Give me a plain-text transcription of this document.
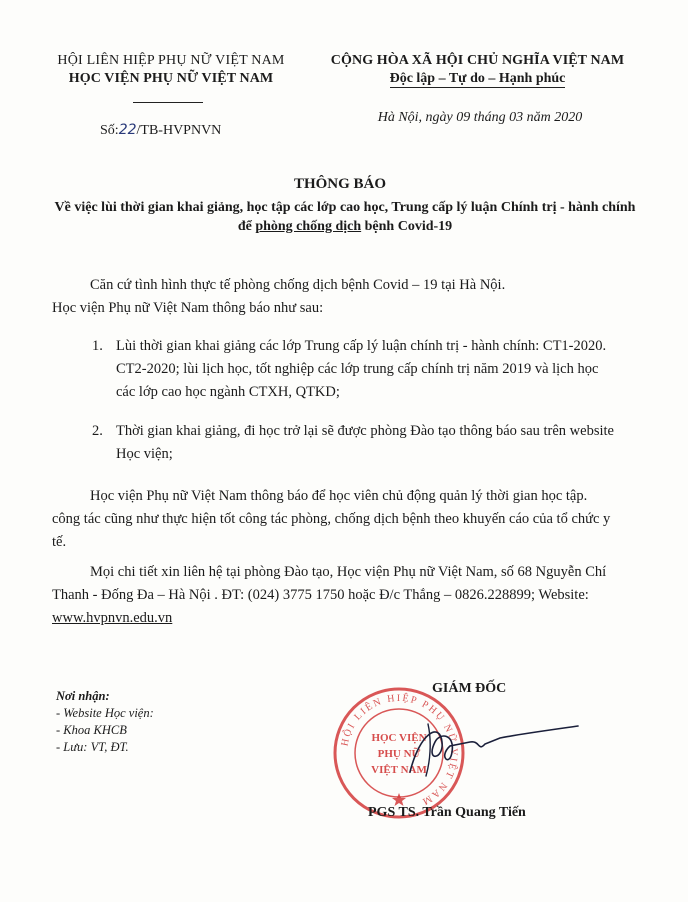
HỘI LIÊN HIỆP PHỤ NỮ VIỆT NAM
HỌC VIỆN PHỤ NỮ VIỆT NAM
Số:22/TB-HVPNVN
CỘNG HÒA XÃ HỘI CHỦ NGHĨA VIỆT NAM
Độc lập – Tự do – Hạnh phúc
Hà Nội, ngày 09 tháng 03 năm 2020
THÔNG BÁO
Về việc lùi thời gian khai giảng, học tập các lớp cao học, Trung cấp lý luận Chính trị - hành chính để phòng chống dịch bệnh Covid-19
Căn cứ tình hình thực tế phòng chống dịch bệnh Covid – 19 tại Hà Nội.
Học viện Phụ nữ Việt Nam thông báo như sau:
1. Lùi thời gian khai giảng các lớp Trung cấp lý luận chính trị - hành chính: CT1-2020. CT2-2020; lùi lịch học, tốt nghiệp các lớp trung cấp chính trị năm 2019 và lịch học các lớp cao học ngành CTXH, QTKD;
2. Thời gian khai giảng, đi học trở lại sẽ được phòng Đào tạo thông báo sau trên website Học viện;
Học viện Phụ nữ Việt Nam thông báo để học viên chủ động quản lý thời gian học tập. công tác cũng như thực hiện tốt công tác phòng, chống dịch bệnh theo khuyến cáo của tổ chức y tế.
Mọi chi tiết xin liên hệ tại phòng Đào tạo, Học viện Phụ nữ Việt Nam, số 68 Nguyễn Chí Thanh - Đống Đa – Hà Nội . ĐT: (024) 3775 1750 hoặc Đ/c Thắng – 0826.228899; Website: www.hvpnvn.edu.vn
Nơi nhận:
- Website Học viện:
- Khoa KHCB
- Lưu: VT, ĐT.	HỘI LIÊN HIỆP PHỤ NỮ VIỆT NAM
HỌC VIỆN
PHỤ NỮ
VIỆT NAM
GIÁM ĐỐC
PGS TS. Trần Quang Tiến
